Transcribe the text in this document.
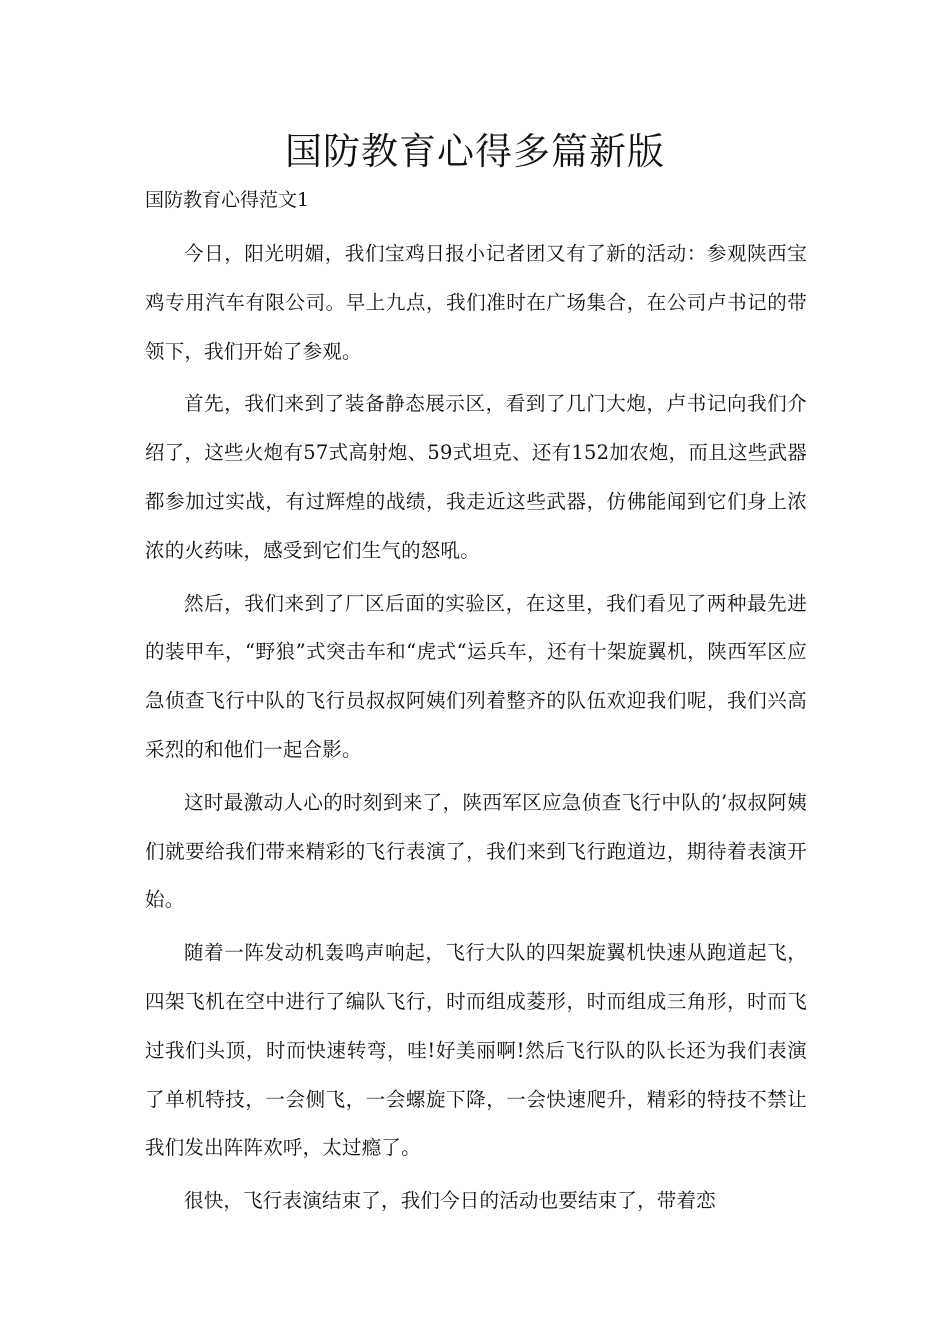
国防教育心得多篇新版

国防教育心得范文1

今日，阳光明媚，我们宝鸡日报小记者团又有了新的活动：参观陕西宝鸡专用汽车有限公司。早上九点，我们准时在广场集合，在公司卢书记的带领下，我们开始了参观。

首先，我们来到了装备静态展示区，看到了几门大炮，卢书记向我们介绍了，这些火炮有57式高射炮、59式坦克、还有152加农炮，而且这些武器都参加过实战，有过辉煌的战绩，我走近这些武器，仿佛能闻到它们身上浓浓的火药味，感受到它们生气的怒吼。

然后，我们来到了厂区后面的实验区，在这里，我们看见了两种最先进的装甲车，“野狼”式突击车和“虎式“运兵车，还有十架旋翼机，陕西军区应急侦查飞行中队的飞行员叔叔阿姨们列着整齐的队伍欢迎我们呢，我们兴高采烈的和他们一起合影。

这时最激动人心的时刻到来了，陕西军区应急侦查飞行中队的’叔叔阿姨们就要给我们带来精彩的飞行表演了，我们来到飞行跑道边，期待着表演开始。

随着一阵发动机轰鸣声响起，飞行大队的四架旋翼机快速从跑道起飞，四架飞机在空中进行了编队飞行，时而组成菱形，时而组成三角形，时而飞过我们头顶，时而快速转弯，哇!好美丽啊!然后飞行队的队长还为我们表演了单机特技，一会侧飞，一会螺旋下降，一会快速爬升，精彩的特技不禁让我们发出阵阵欢呼，太过瘾了。

很快，飞行表演结束了，我们今日的活动也要结束了，带着恋
